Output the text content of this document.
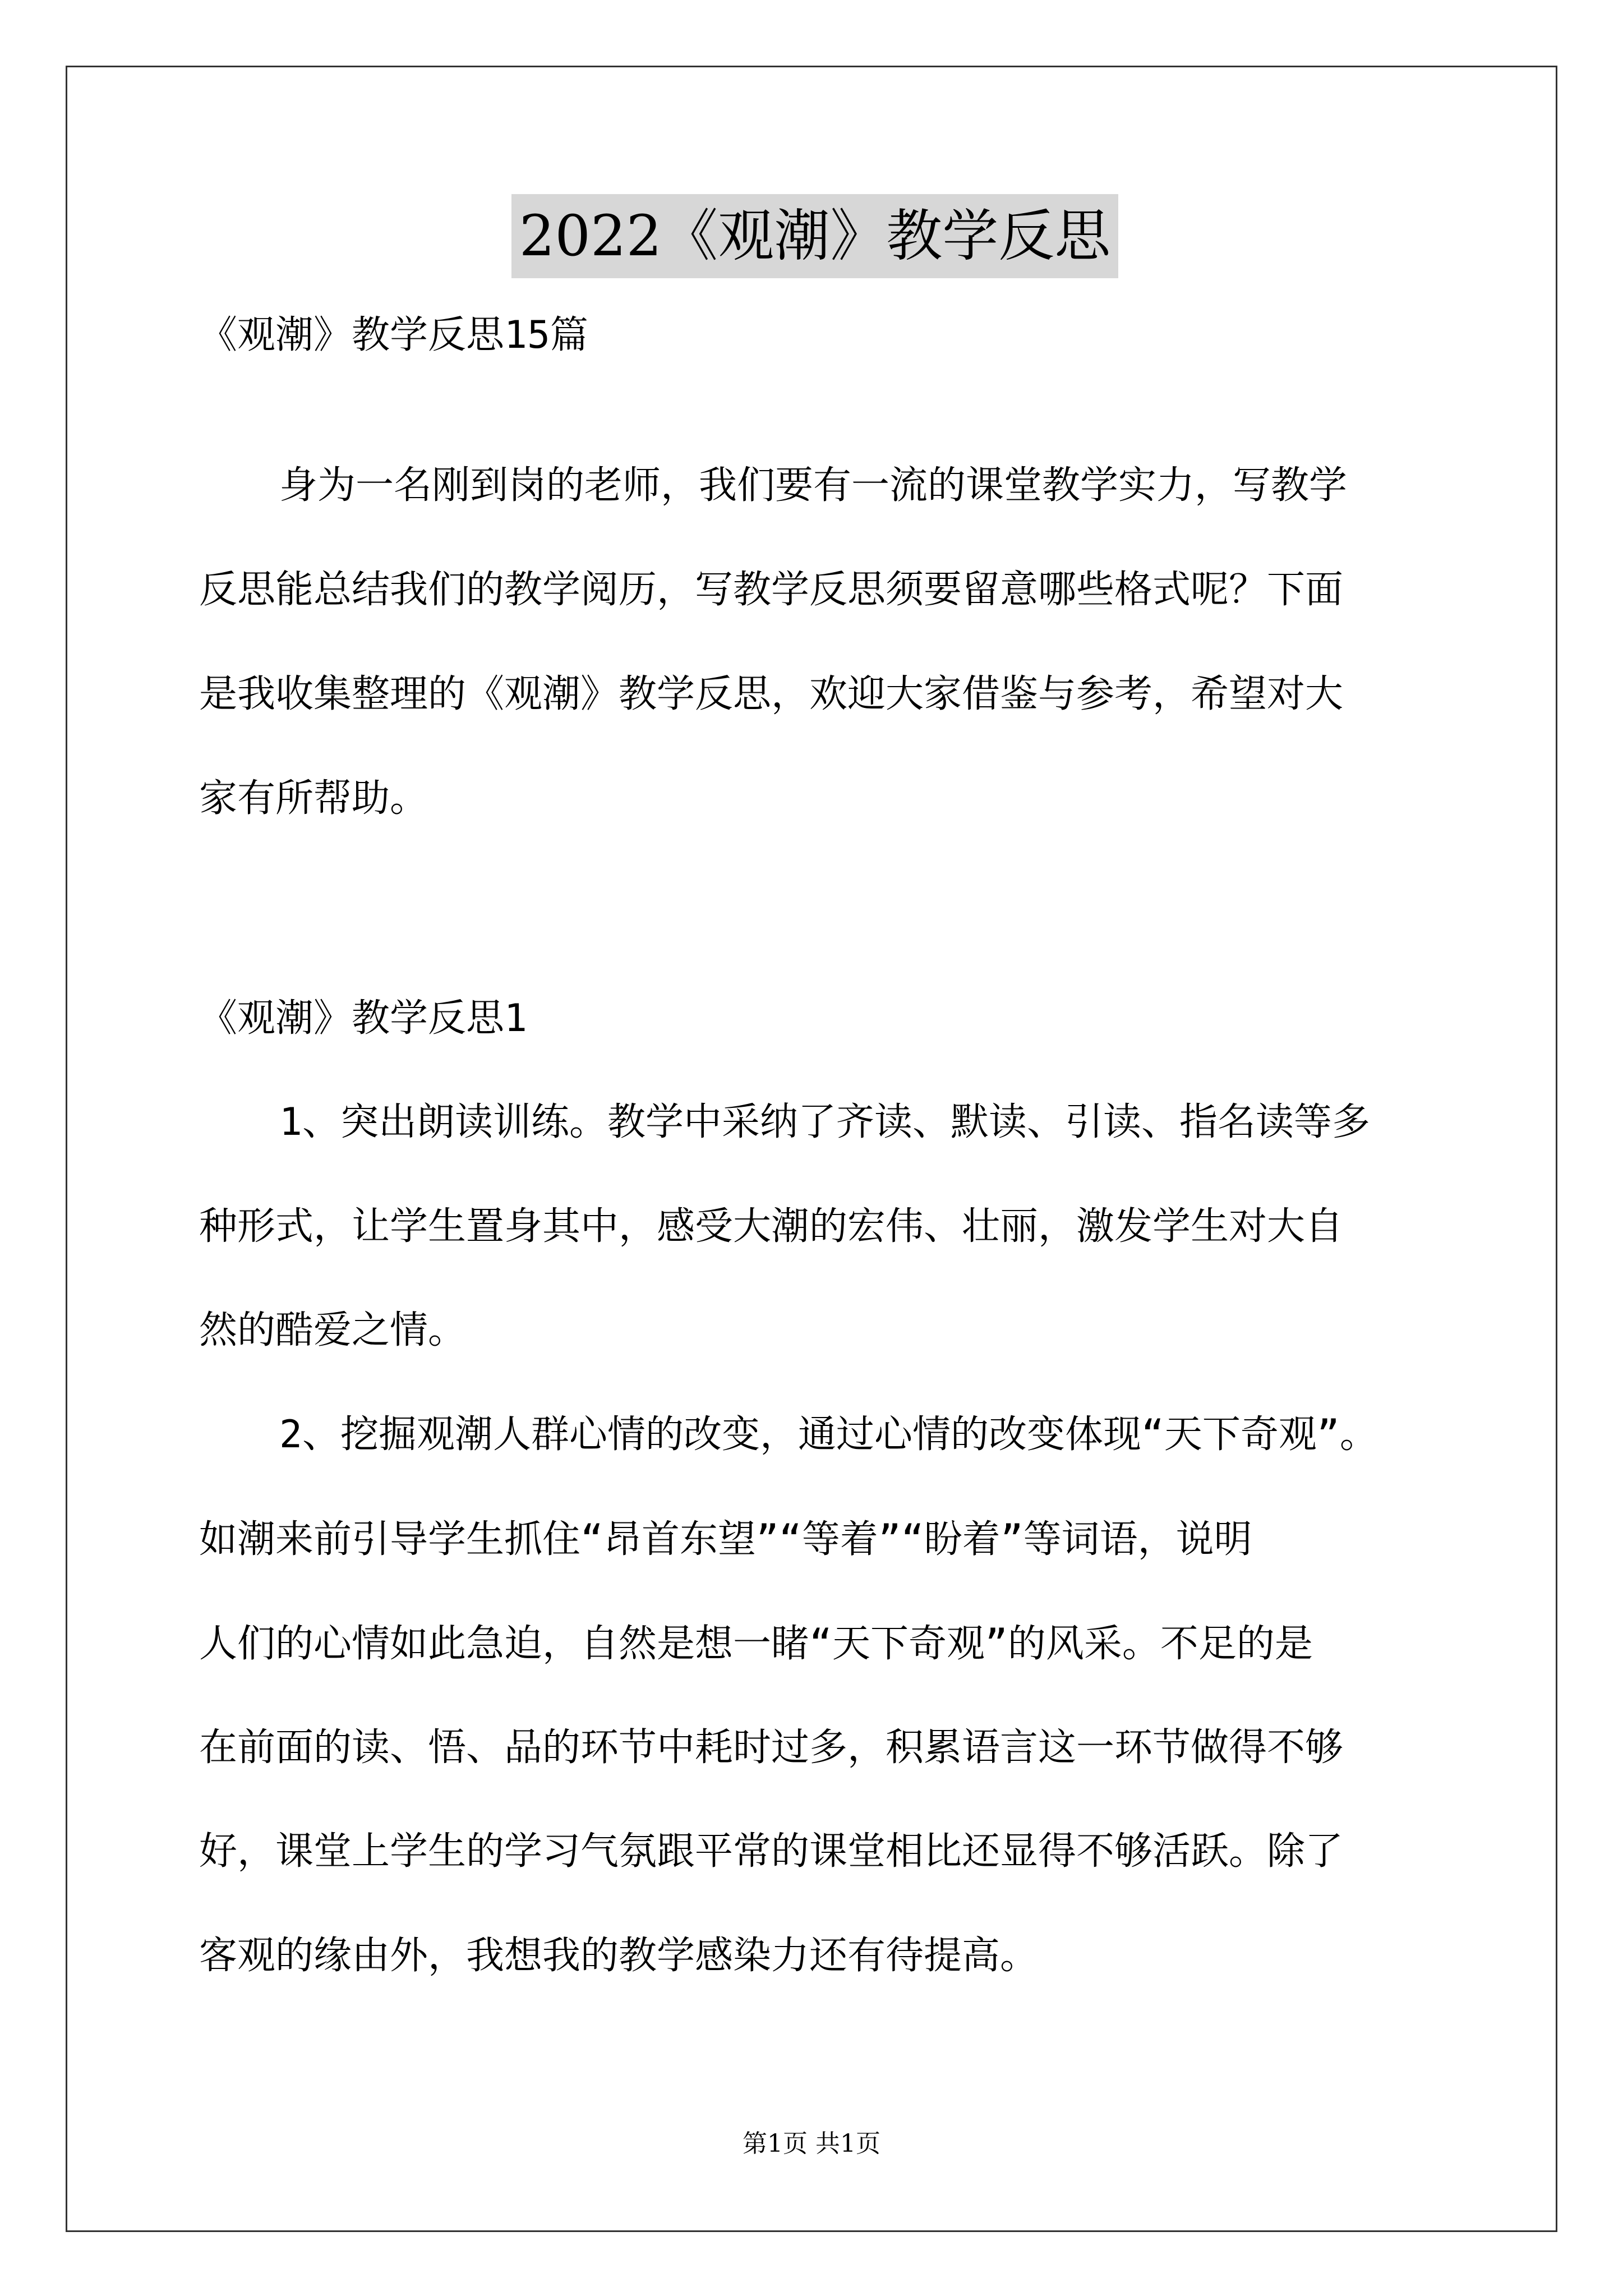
2022《观潮》教学反思
《观潮》教学反思15篇
身为一名刚到岗的老师，我们要有一流的课堂教学实力，写教学
反思能总结我们的教学阅历，写教学反思须要留意哪些格式呢？下面
是我收集整理的《观潮》教学反思，欢迎大家借鉴与参考，希望对大
家有所帮助。
《观潮》教学反思1
1、突出朗读训练。教学中采纳了齐读、默读、引读、指名读等多
种形式，让学生置身其中，感受大潮的宏伟、壮丽，激发学生对大自
然的酷爱之情。
2、挖掘观潮人群心情的改变，通过心情的改变体现“天下奇观”。
如潮来前引导学生抓住“昂首东望”“等着”“盼着”等词语，说明
人们的心情如此急迫，自然是想一睹“天下奇观”的风采。不足的是
在前面的读、悟、品的环节中耗时过多，积累语言这一环节做得不够
好，课堂上学生的学习气氛跟平常的课堂相比还显得不够活跃。除了
客观的缘由外，我想我的教学感染力还有待提高。
第1页 共1页
